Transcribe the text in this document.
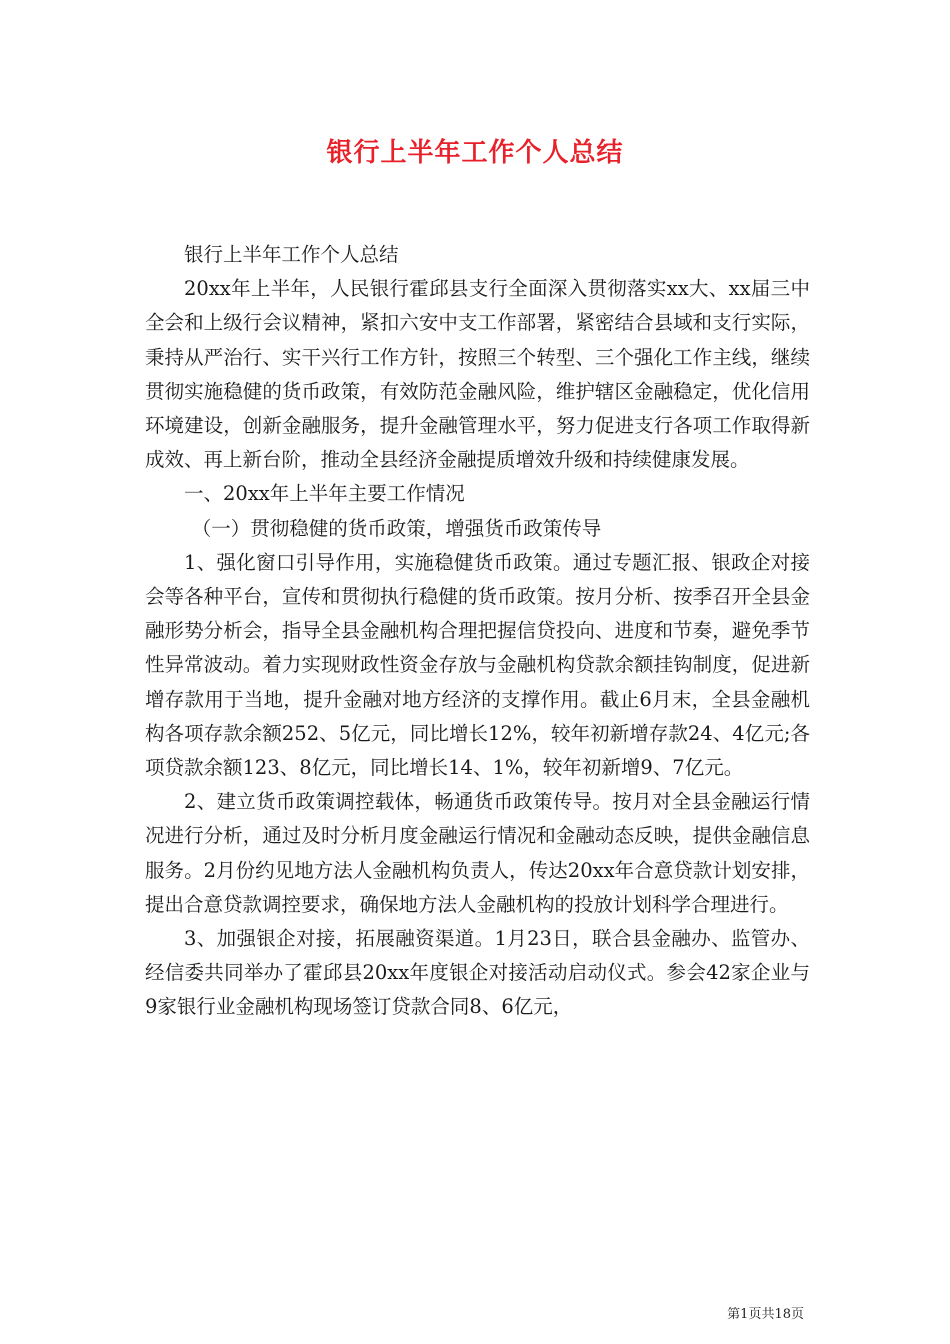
银行上半年工作个人总结

银行上半年工作个人总结

20xx年上半年，人民银行霍邱县支行全面深入贯彻落实xx大、xx届三中全会和上级行会议精神，紧扣六安中支工作部署，紧密结合县域和支行实际，秉持从严治行、实干兴行工作方针，按照三个转型、三个强化工作主线，继续贯彻实施稳健的货币政策，有效防范金融风险，维护辖区金融稳定，优化信用环境建设，创新金融服务，提升金融管理水平，努力促进支行各项工作取得新成效、再上新台阶，推动全县经济金融提质增效升级和持续健康发展。

一、20xx年上半年主要工作情况

（一）贯彻稳健的货币政策，增强货币政策传导

1、强化窗口引导作用，实施稳健货币政策。通过专题汇报、银政企对接会等各种平台，宣传和贯彻执行稳健的货币政策。按月分析、按季召开全县金融形势分析会，指导全县金融机构合理把握信贷投向、进度和节奏，避免季节性异常波动。着力实现财政性资金存放与金融机构贷款余额挂钩制度，促进新增存款用于当地，提升金融对地方经济的支撑作用。截止6月末，全县金融机构各项存款余额252、5亿元，同比增长12%，较年初新增存款24、4亿元;各项贷款余额123、8亿元，同比增长14、1%，较年初新增9、7亿元。

2、建立货币政策调控载体，畅通货币政策传导。按月对全县金融运行情况进行分析，通过及时分析月度金融运行情况和金融动态反映，提供金融信息服务。2月份约见地方法人金融机构负责人，传达20xx年合意贷款计划安排，提出合意贷款调控要求，确保地方法人金融机构的投放计划科学合理进行。

3、加强银企对接，拓展融资渠道。1月23日，联合县金融办、监管办、经信委共同举办了霍邱县20xx年度银企对接活动启动仪式。参会42家企业与9家银行业金融机构现场签订贷款合同8、6亿元，

第1页共18页
